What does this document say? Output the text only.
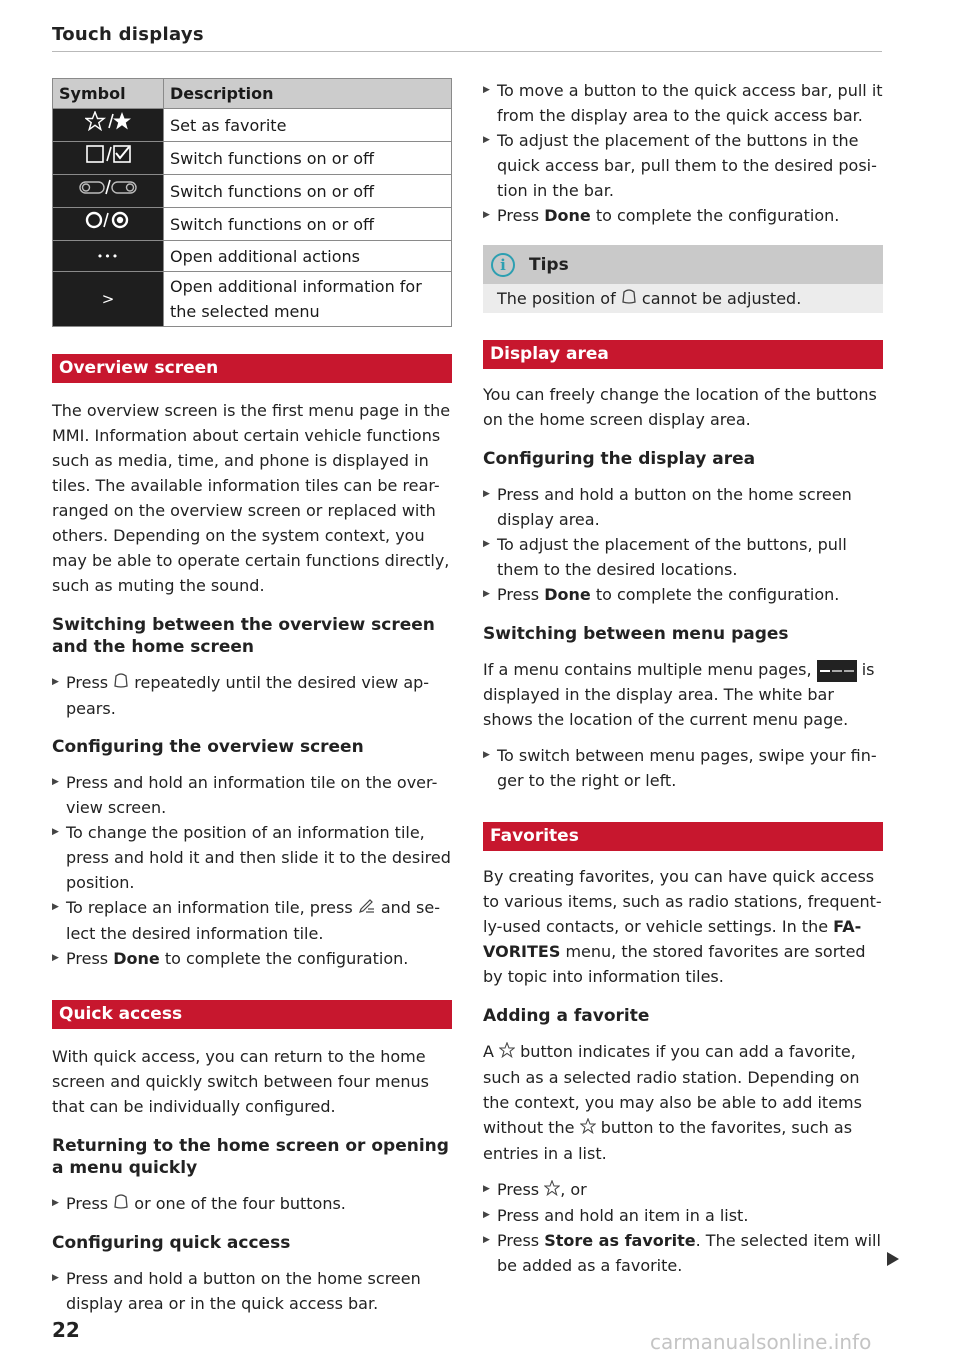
Touch displays
Symbol	Description
	Set as favorite
	Switch functions on or off
	Switch functions on or off
	Switch functions on or off
•••	Open additional actions
>	Open additional information for the selected menu
Overview screen

The overview screen is the first menu page in the MMI. Information about certain vehicle functions such as media, time, and phone is displayed in tiles. The available information tiles can be rear-ranged on the overview screen or replaced with others. Depending on the system context, you may be able to operate certain functions directly, such as muting the sound.

Switching between the overview screen and the home screen
▶ Press repeatedly until the desired view ap-pears.
Configuring the overview screen
▶ Press and hold an information tile on the over-view screen.
▶ To change the position of an information tile, press and hold it and then slide it to the desired position.
▶ To replace an information tile, press and se-lect the desired information tile.
▶ Press Done to complete the configuration.
Quick access

With quick access, you can return to the home screen and quickly switch between four menus that can be individually configured.

Returning to the home screen or opening a menu quickly
▶ Press or one of the four buttons.
Configuring quick access
▶ Press and hold a button on the home screen display area or in the quick access bar.
22
▶ To move a button to the quick access bar, pull it from the display area to the quick access bar.
▶ To adjust the placement of the buttons in the quick access bar, pull them to the desired posi-tion in the bar.
▶ Press Done to complete the configuration.
i	Tips
The position of cannot be adjusted.
Display area

You can freely change the location of the buttons on the home screen display area.

Configuring the display area
▶ Press and hold a button on the home screen display area.
▶ To adjust the placement of the buttons, pull them to the desired locations.
▶ Press Done to complete the configuration.
Switching between menu pages

If a menu contains multiple menu pages,	is displayed in the display area. The white bar shows the location of the current menu page.

▶ To switch between menu pages, swipe your fin-ger to the right or left.
Favorites

By creating favorites, you can have quick access to various items, such as radio stations, frequent-ly-used contacts, or vehicle settings. In the FA-VORITES menu, the stored favorites are sorted by topic into information tiles.

Adding a favorite

A button indicates if you can add a favorite, such as a selected radio station. Depending on the context, you may also be able to add items without the button to the favorites, such as entries in a list.

▶ Press , or
▶ Press and hold an item in a list.
▶ Press Store as favorite. The selected item will be added as a favorite.
carmanualsonline.info
